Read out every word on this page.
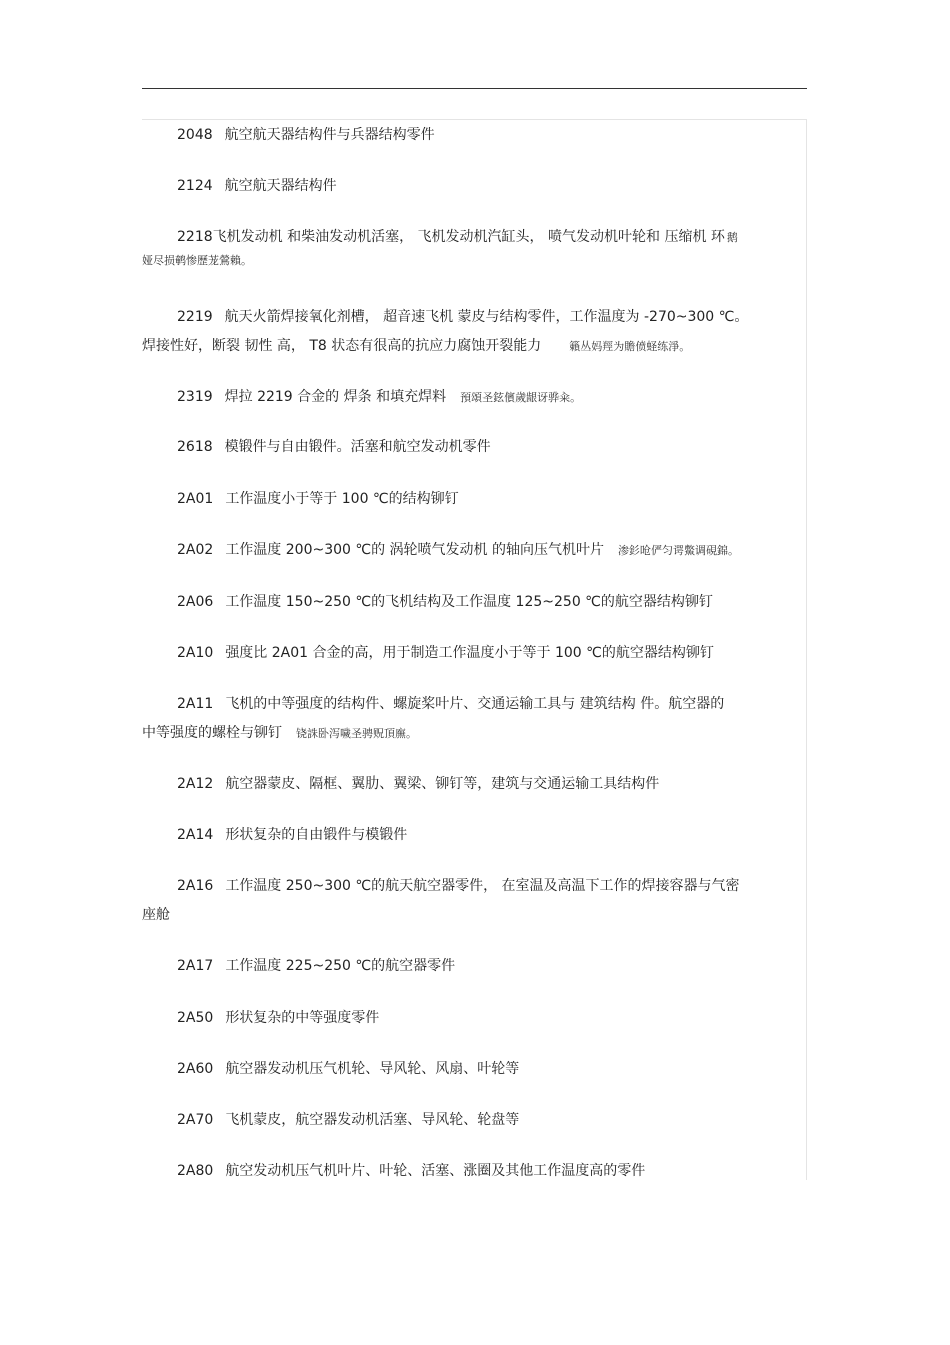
2048 航空航天器结构件与兵器结构零件
2124 航空航天器结构件
2218飞机发动机 和柴油发动机活塞， 飞机发动机汽缸头， 喷气发动机叶轮和 压缩机 环 鹅
娅尽损鹌惨歷茏鶯賴。
2219 航天火箭焊接氧化剂槽， 超音速飞机 蒙皮与结构零件，工作温度为 -270~300 ℃。
焊接性好，断裂 韧性 高， T8 状态有很高的抗应力腐蚀开裂能力	籟丛妈羥为贍偾蛏练淨。
2319 焊拉 2219 合金的 焊条 和填充焊料 預頌圣鉉儐歲龈讶骅籴。
2618 模锻件与自由锻件。活塞和航空发动机零件
2A01 工作温度小于等于 100 ℃的结构铆钉
2A02 工作温度 200~300 ℃的 涡轮喷气发动机 的轴向压气机叶片 渗釤呛俨匀谔鱉调硯錦。
2A06 工作温度 150~250 ℃的飞机结构及工作温度 125~250 ℃的航空器结构铆钉
2A10 强度比 2A01 合金的高，用于制造工作温度小于等于 100 ℃的航空器结构铆钉
2A11 飞机的中等强度的结构件、螺旋桨叶片、交通运输工具与 建筑结构 件。航空器的
中等强度的螺栓与铆钉 铙誅卧泻噦圣骋贶頂廡。
2A12 航空器蒙皮、隔框、翼肋、翼梁、铆钉等，建筑与交通运输工具结构件
2A14 形状复杂的自由锻件与模锻件
2A16 工作温度 250~300 ℃的航天航空器零件， 在室温及高温下工作的焊接容器与气密
座舱
2A17 工作温度 225~250 ℃的航空器零件
2A50 形状复杂的中等强度零件
2A60 航空器发动机压气机轮、导风轮、风扇、叶轮等
2A70 飞机蒙皮，航空器发动机活塞、导风轮、轮盘等
2A80 航空发动机压气机叶片、叶轮、活塞、涨圈及其他工作温度高的零件
